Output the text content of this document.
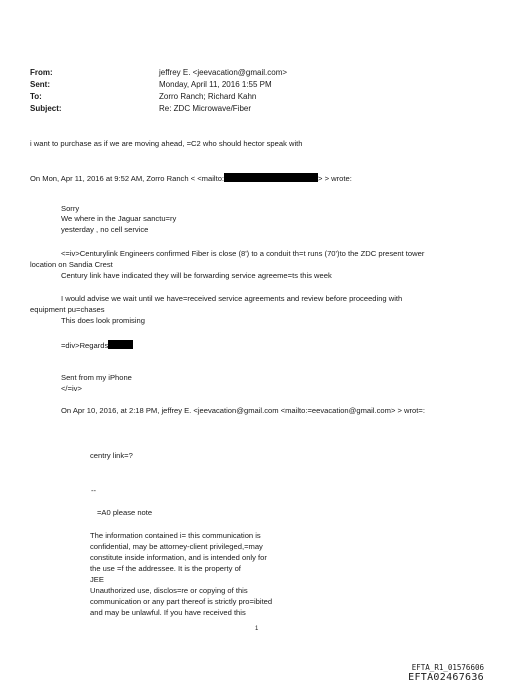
From:	jeffrey E. <jeevacation@gmail.com>
Sent:	Monday, April 11, 2016 1:55 PM
To:	Zorro Ranch; Richard Kahn
Subject:	Re: ZDC Microwave/Fiber
i want to purchase as if we are moving ahead, =C2 who should hector speak with
On Mon, Apr 11, 2016 at 9:52 AM, Zorro Ranch < <mailto:	> > wrote:
Sorry
We where in the Jaguar sanctu=ry
yesterday , no cell service
<=iv>Centurylink Engineers confirmed Fiber is close (8') to a conduit th=t runs (70')to the ZDC present tower
location on Sandia Crest
Century link have indicated they will be forwarding service agreeme=ts this week
I would advise we wait until we have=received service agreements and review before proceeding with
equipment pu=chases
This does look promising
=div>Regards
Sent from my iPhone
</=iv>
On Apr 10, 2016, at 2:18 PM, jeffrey E. <jeevacation@gmail.com <mailto:=eevacation@gmail.com> > wrot=:
centry link=?
--
=A0 please note
The information contained i= this communication is
confidential, may be attorney-client privileged,=may
constitute inside information, and is intended only for
the use =f the addressee. It is the property of
JEE
Unauthorized use, disclos=re or copying of this
communication or any part thereof is strictly pro=ibited
and may be unlawful. If you have received this
1
EFTA_R1_01576606
EFTA02467636
